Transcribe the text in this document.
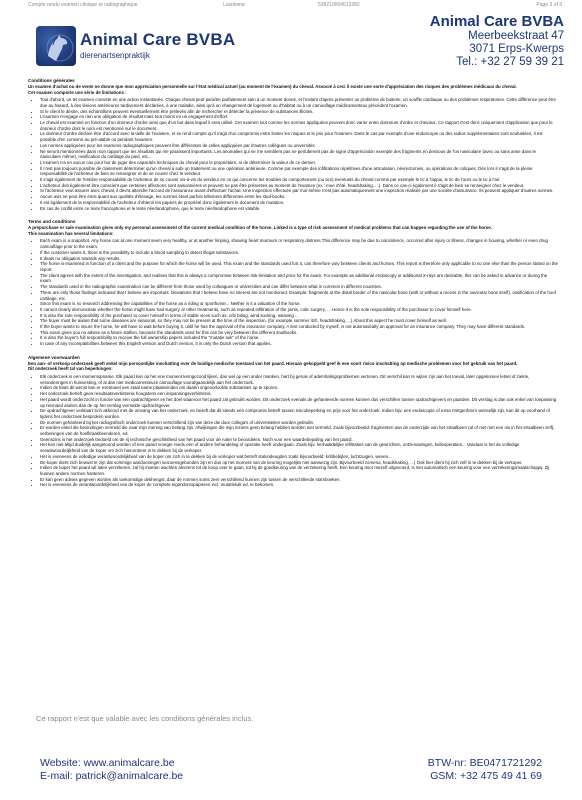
Compte rendu examen clinique et radiographique	Lusoloma	528210004513282	Page 3 of 3
Animal Care BVBA
dierenartsenpraktijk
Animal Care BVBA
Meerbeekstraat 47
3071 Erps-Kwerps
Tel.: +32 27 59 39 21
Conditions générales

Un examen d'achat ou de vente ne donne que mon appréciation personnelle sur l'état médical actuel (au moment de l'examen) du cheval. Associé à ceci il existe une sorte d'appréciation des risques des problèmes médicaux du cheval.

Cet examen comporte une série de limitations :

• Tout d'abord, un tel examen consiste en une action instantanée. Chaque cheval peut paraître parfaitement sain à un moment donné, et l'instant d'après présenter un problème de boiterie, un souffle cardiaque ou des problèmes respiratoires. Cette différence peut être due au hasard, à des lésions antérieures tardivement déclarées, à une maladie, ainsi qu'à un changement de logement ou d'habitat ou à un camouflage médicamenteux précédent l'examen.
• Si le client le désire, des échantillons peuvent éventuellement être prélevés afin de rechercher et détecter la présence de substances illicites.
• L'examen n'engage en rien une obligation de résultat mais tout moins en un engagement d'effort.
• Le cheval est examiné en fonction d'un donneur d'ordre ainsi que d'un but dans lequel il sera utilisé. Cet examen tout comme les normes appliquées peuvent donc varier entre donneurs d'ordre et chevaux. Ce rapport n'est donc uniquement d'application que pour le donneur d'ordre dont le nom est mentionné sur le document.
• Le donneur d'ordre déclare être d'accord avec la taille de l'examen, et se rend compte qu'il s'agit d'un compromis entre limiter les risques et le prix pour l'examen. Dans le cas par exemple d'une endoscopie ou des radios supplémentaires sont souhaitées, il est possible d'en convenir au pré-alable ou pendant l'examen.
• Les normes appliquées pour les examens radiographiques peuvent être différentes de celles appliquées par d'autres collègues ou universités.
• Ne seront mentionnées dans mon rapport que les résultats qui me paraissent importants. Les anomalies qui ne me semblent pas ne pertuberent pas de signe d'appréciation exemple des fragments en dessous de l'os naviculaire (avec ou sans anse dans le naviculaire même), ossification du cartilage du pied, etc...
• L'examen n'a en aucun cas pour but de juger des capacités techniques du cheval pour le propriétaire, ni de déterminer la valeur de ce dernier.
• Il n'est pas toujours possible de clairement déterminer qu'un cheval a subi un traitement ou une opération antérieure. Comme par exemple des infiltrations répétitives d'une articulation, névrectomies, ou opérations de coliques. Dès lors il s'agit de la pleine responsabilité de l'acheteur de bien se renseigner et de se couvrir chez le vendeur.
• Il s'agit également de l'entière responsabilité de l'acheteur de se couvrir vis-à-vis du vendeur en ce qui concerne les troubles du comportement (ou tics) éventuels du cheval comme par exemple le tic à l'appui, le tic de l'ours ou le tic à l'air.
• L'acheteur doit également être conscient que certaines affections sont saisonnières et peuvent ne pas être présentes au moment de l'examen (ex : mue d'été, headshaking, ...). Dans ce cas-ci également il s'agit de bien se renseigner chez le vendeur.
• Si l'acheteur veut assurer avec cheval, il devra attendre l'accord de l'assurance avant d'effectuer l'achat. Une inspection effectuée par moi-même n'est pas automatiquement une inspection réalisée par une société d'assurance. Ils peuvent appliquer d'autres normes.
• Aucun avis ne peut être émis quant aux qualités d'élevage, les normes étant parfois tellement différentes entre les stud-books.
• Il est également de la responsabilité de l'acheteur d'obtenir les papiers de propriété donc également le document de mutation.
• En cas de conflit entre ce texte francophone et le texte néerlandophone, que le texte néerlandophone est valable.
Terms and conditions

A prepurchase or sale examination gives only my personal assessment of the current medical condition of the horse. Linked is a type of risk assessment of medical problems that can happen regarding the use of the horse.

This examination has several limitations:

• Each exam is a snapshot. Any horse can at one moment seem very healthy, or at another limping, showing heart murmurs or respiratory distress.This difference may be due to coincidence, occurred after injury or illness, changes in housing, whether or even drug camouflage prior to the exam.
• If the customer wants it, there is the possibility to include a blood sampling to detect illegal substances.
• It deals no obligation towards any results.
• The horse is examined in function of a client and the purpose for which the horse will be used. This exam and the standards used fort it, can therefore vary between clients and horses. This report is therefore only applicable to no one else than the person stated on the report.
• The client agrees with the extent of the investigation, and realises that this is always a compromise between risk-limitation and price for the exam. For example an additional endoscopy or additional X-rays are desirable, this can be asked in advance or during the exam.
• The standards used in the radiographic examination can be different from those used by colleagues or universities and can differ between what is common in different countries.
• There are only those findings indicated that I believe are important. Deviations that I believe have no interest are not mentioned. Example: fragments at the distal border of the navicular bone (with or without a recess in the navicular bone itself), ossification of the hoof cartilage, etc.
• Since this exam is no research addressing the capabilities of the horse as a riding or sporthorse... Neither is it a valuation of the horse.
• It cannot clearly demonstrate whether the horse might have had surgery or other treatments, such as repeated infiltration of the joints, colic surgery, ... Hence it is the sole responsibility of the purchaser to cover himself here.
• It is also the sole responsibility of the purchaser to cover himself in terms of stable vices such as: crib biting, wind sucking, weaving ...
• The buyer must be aware that some diseases are seasonal, so they may not be present at the time of the inspection. (for example summer itch, headshaking, ...) About this aspect he must cover himself as well.
• If the buyer wants to insure the horse, he will have to wait before buying it, until he has the approval of the insurance company. A test conducted by myself, is not automatically an approval for an insurance company. They may have different standards.
• This exam gives you no advise as a future stallion, because the standards used for this can be very between the different studbooks.
• It is also the buyer's full responsibility to receive the full ownership papers included the "mutatie luik" of the horse.
• In case of any incompatibilities between this English version and Dutch version, it is only the Dutch version that applies.
Algemene voorwaarden

Een aan- of verkoop onderzoek geeft enkel mijn persoonlijke inschatting over de huidige medische toestand van het paard. Hieraan gekoppeld geef ik een soort risico inschatting op medische problemen voor het gebruik van het paard.

Dit onderzoek heeft tal van beperkingen:

• Elk onderzoek is een momentopname. Elk paard kan op het ene moment kerngezond lijken, dan wel op een ander manken, hart bij geruis of ademhalingsproblemen vertonen. Dit verschil kan te wijten zijn aan het toeval, later opgekomen letsel of ziekte, veranderingen in huisvesting, of al dan niet medicamenteuze camouflage voorafgaandelijk aan het onderzoek.
• Indien de klant dit wenst kan er eventueel een staal name plaatsvinden om daarin ongeoorloofde substanties op te sporen.
• Het onderzoek betreft geen resultaatsverbintenis hoogstens een inspanningsverbintenis.
• Het paard wordt onderzocht in functie van een opdrachtgever en het doel waarvoor het paard zal gebruikt worden. Dit onderzoek evenals de gehanteerde normen kunnen dus verschillen tussen opdrachtgevers en paarden. Dit verslag is dan ook enkel van toepassing op niemand anders dan de op het verslag vermelde opdrachtgever.
• De opdrachtgever verklaart zich akkoord met de omvang van het onderzoek, en beseft dat dit steeds een compromis betreft tussen risicobeperking en prijs voor het onderzoek. Indien bijv. een endoscopie of extra röntgenfoto's wenselijk zijn, kan dit op voorhand of tijdens het onderzoek besproken worden.
• De normen gehanteerd bij het radiografisch onderzoek kunnen verschillend zijn van deze die door collega's of universiteiten worden gebruikt.
• Er worden enkel die bevindingen vermeld die naar mijn mening van belang zijn. Afwijkingen die mijn inziens geen belang hebben worden niet vermeld. Zoals bijvoorbeeld: fragmenten aan de onderzijde van het straalbeen (al of niet met een nis in het straalbeen zelf), verbeningen van de hoefkraakbeenderen, ed.
• Geenszins is het onderzoek bedoeld om de rij technische geschiktheid van het paard voor de ruiter te beoordelen. Noch voor een waardebepaling van het paard.
• Het kan niet altijd duidelijk aangetoond worden of een paard vroeger reeds een of andere behandeling of operatie heeft ondergaan. Zoals bijv. herhaaldelijke infiltraties van de gewrichten, ontzenuwingen, kolieoperaties... Vandaar is het de volledige verantwoordelijkheid van de koper om zich hieromtrent in te dekken bij de verkoper.
• Het is eveneens de volledige verantwoordelijkheid van de koper om zich in te dekken bij de verkoper wat betreft stalondeugden zoals bijvoorbeeld: kribbebijten, luchtzuigen, weven...
• De koper dient zich bewust te zijn dat sommige aandoeningen seizoensgebonden zijn en dus op het moment van de keuring mogelijks niet aanwezig zijn. Bijvoorbeeld zomerui, headshaking, ...) Ook hier dient hij zich zelf in te dekken bij de verkoper.
• Indien de koper het paard wil laten verzekeren, zal hij moeten wachten alvorens tot de koop over te gaan, tot hij de goedkeuring van de verzekering heeft. Een keuring door mezelf uitgevoerd, is niet automatisch een keuring voor een verzekeringsmaatschappij. Zij kunnen andere normen hanteren.
• Er kan geen advies gegeven worden als toekomstige dekhengst, daar de normen soms zeer verschillend kunnen zijn tussen de verschillende stamboeken.
• Het is eveneens de verantwoordelijkheid van de koper de complete eigendomspapieren incl. mutatieluik ed. te bekomen.
Ce rapport n'est que valable avec les conditions générales inclus.
Website: www.animalcare.be
E-mail: patrick@animalcare.be
BTW-nr: BE0471721292
GSM: +32 475 49 41 69
